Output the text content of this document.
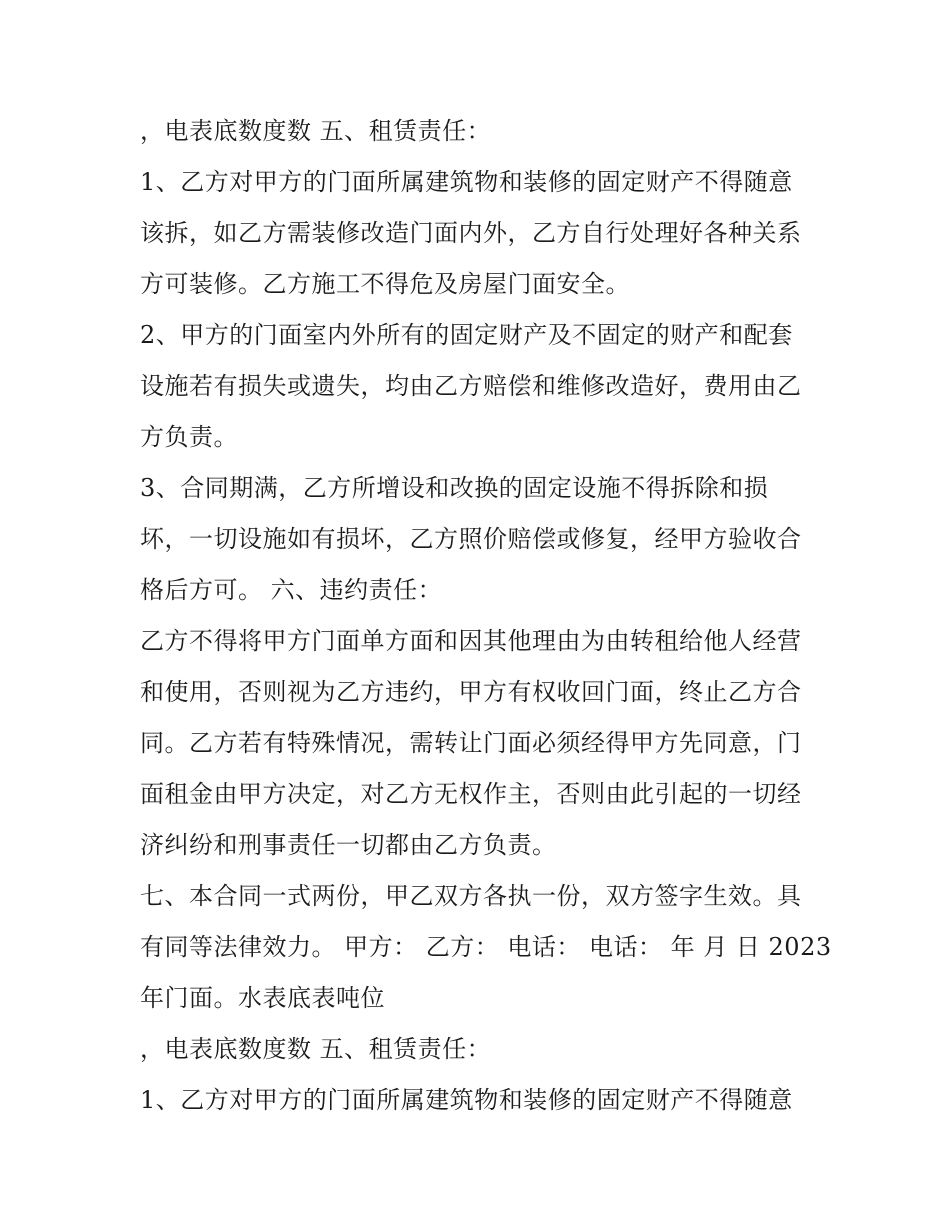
，电表底数度数 五、租赁责任：
1、乙方对甲方的门面所属建筑物和装修的固定财产不得随意
该拆，如乙方需装修改造门面内外，乙方自行处理好各种关系
方可装修。乙方施工不得危及房屋门面安全。
2、甲方的门面室内外所有的固定财产及不固定的财产和配套
设施若有损失或遗失，均由乙方赔偿和维修改造好，费用由乙
方负责。
3、合同期满，乙方所增设和改换的固定设施不得拆除和损
坏，一切设施如有损坏，乙方照价赔偿或修复，经甲方验收合
格后方可。 六、违约责任：
乙方不得将甲方门面单方面和因其他理由为由转租给他人经营
和使用，否则视为乙方违约，甲方有权收回门面，终止乙方合
同。乙方若有特殊情况，需转让门面必须经得甲方先同意，门
面租金由甲方决定，对乙方无权作主，否则由此引起的一切经
济纠纷和刑事责任一切都由乙方负责。
七、本合同一式两份，甲乙双方各执一份，双方签字生效。具
有同等法律效力。 甲方： 乙方： 电话： 电话： 年 月 日 2023
年门面。水表底表吨位
，电表底数度数 五、租赁责任：
1、乙方对甲方的门面所属建筑物和装修的固定财产不得随意
